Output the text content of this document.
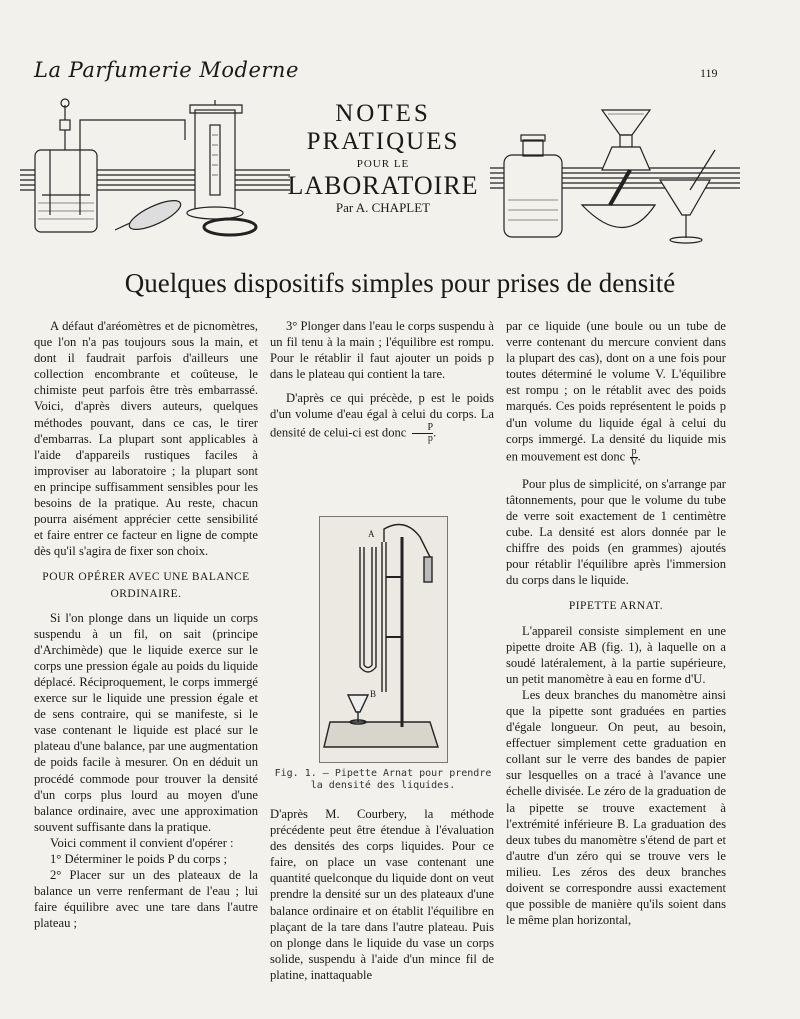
La Parfumerie Moderne	119
NOTES
PRATIQUES
POUR LE
LABORATOIRE
Par A. CHAPLET
Quelques dispositifs simples pour prises de densité

A défaut d'aréomètres et de picnomètres, que l'on n'a pas toujours sous la main, et dont il faudrait parfois d'ailleurs une collection encombrante et coûteuse, le chimiste peut parfois être très embarrassé. Voici, d'après divers auteurs, quelques méthodes pouvant, dans ce cas, le tirer d'embarras. La plupart sont applicables à l'aide d'appareils rustiques faciles à improviser au laboratoire ; la plupart sont en principe suffisamment sensibles pour les besoins de la pratique. Au reste, chacun pourra aisément apprécier cette sensibilité et faire entrer ce facteur en ligne de compte dès qu'il s'agira de fixer son choix.

POUR OPÉRER AVEC UNE BALANCE ORDINAIRE.

Si l'on plonge dans un liquide un corps suspendu à un fil, on sait (principe d'Archimède) que le liquide exerce sur le corps une pression égale au poids du liquide déplacé. Réciproquement, le corps immergé exerce sur le liquide une pression égale et de sens contraire, qui se manifeste, si le vase contenant le liquide est placé sur le plateau d'une balance, par une augmentation de poids facile à mesurer. On en déduit un procédé commode pour trouver la densité d'un corps plus lourd au moyen d'une balance ordinaire, avec une approximation souvent suffisante dans la pratique.

Voici comment il convient d'opérer :

1° Déterminer le poids P du corps ;

2° Placer sur un des plateaux de la balance un verre renfermant de l'eau ; lui faire équilibre avec une tare dans l'autre plateau ;

3° Plonger dans l'eau le corps suspendu à un fil tenu à la main ; l'équilibre est rompu. Pour le rétablir il faut ajouter un poids p dans le plateau qui contient la tare.

D'après ce qui précède, p est le poids d'un volume d'eau égal à celui du corps. La densité de celui-ci est donc $\frac{P}{p}$ .

A
B
Fig. 1. — Pipette Arnat pour prendre la densité des liquides.

D'après M. Courbery, la méthode précédente peut être étendue à l'évaluation des densités des corps liquides. Pour ce faire, on place un vase contenant une quantité quelconque du liquide dont on veut prendre la densité sur un des plateaux d'une balance ordinaire et on établit l'équilibre en plaçant de la tare dans l'autre plateau. Puis on plonge dans le liquide du vase un corps solide, suspendu à l'aide d'un mince fil de platine, inattaquable

par ce liquide (une boule ou un tube de verre contenant du mercure convient dans la plupart des cas), dont on a une fois pour toutes déterminé le volume V. L'équilibre est rompu ; on le rétablit avec des poids marqués. Ces poids représentent le poids p d'un volume du liquide égal à celui du corps immergé. La densité du liquide mis en mouvement est donc $\frac{p}{V}$ .

Pour plus de simplicité, on s'arrange par tâtonnements, pour que le volume du tube de verre soit exactement de 1 centimètre cube. La densité est alors donnée par le chiffre des poids (en grammes) ajoutés pour rétablir l'équilibre après l'immersion du corps dans le liquide.

PIPETTE ARNAT.

L'appareil consiste simplement en une pipette droite AB (fig. 1), à laquelle on a soudé latéralement, à la partie supérieure, un petit manomètre à eau en forme d'U.

Les deux branches du manomètre ainsi que la pipette sont graduées en parties d'égale longueur. On peut, au besoin, effectuer simplement cette graduation en collant sur le verre des bandes de papier sur lesquelles on a tracé à l'avance une échelle divisée. Le zéro de la graduation de la pipette se trouve exactement à l'extrémité inférieure B. La graduation des deux tubes du manomètre s'étend de part et d'autre d'un zéro qui se trouve vers le milieu. Les zéros des deux branches doivent se correspondre aussi exactement que possible de manière qu'ils soient dans le même plan horizontal,
